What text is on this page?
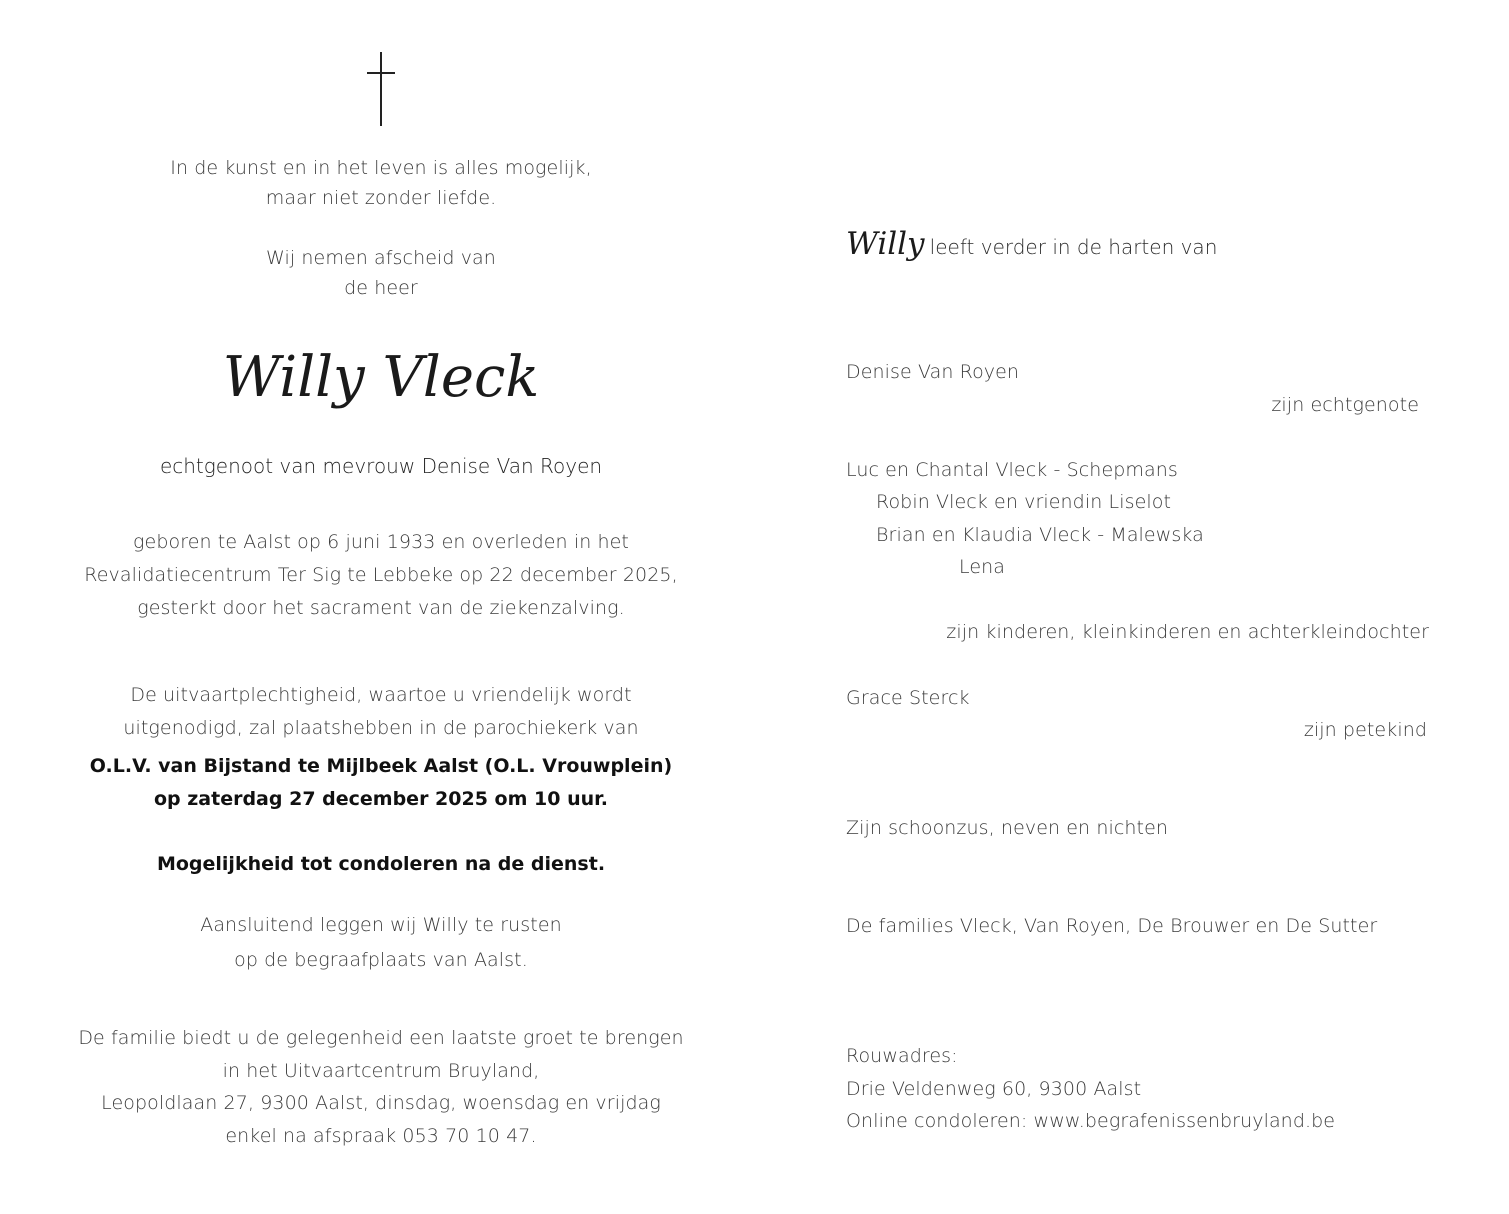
In de kunst en in het leven is alles mogelijk,
maar niet zonder liefde.
Wij nemen afscheid van
de heer
Willy Vleck
echtgenoot van mevrouw Denise Van Royen
geboren te Aalst op 6 juni 1933 en overleden in het
Revalidatiecentrum Ter Sig te Lebbeke op 22 december 2025,
gesterkt door het sacrament van de ziekenzalving.
De uitvaartplechtigheid, waartoe u vriendelijk wordt
uitgenodigd, zal plaatshebben in de parochiekerk van
O.L.V. van Bijstand te Mijlbeek Aalst (O.L. Vrouwplein)
op zaterdag 27 december 2025 om 10 uur.
Mogelijkheid tot condoleren na de dienst.
Aansluitend leggen wij Willy te rusten
op de begraafplaats van Aalst.
De familie biedt u de gelegenheid een laatste groet te brengen
in het Uitvaartcentrum Bruyland,
Leopoldlaan 27, 9300 Aalst, dinsdag, woensdag en vrijdag
enkel na afspraak 053 70 10 47.
Willy leeft verder in de harten van
Denise Van Royen
zijn echtgenote
Luc en Chantal Vleck - Schepmans
Robin Vleck en vriendin Liselot
Brian en Klaudia Vleck - Malewska
Lena
zijn kinderen, kleinkinderen en achterkleindochter
Grace Sterck
zijn petekind
Zijn schoonzus, neven en nichten
De families Vleck, Van Royen, De Brouwer en De Sutter
Rouwadres:
Drie Veldenweg 60, 9300 Aalst
Online condoleren: www.begrafenissenbruyland.be
